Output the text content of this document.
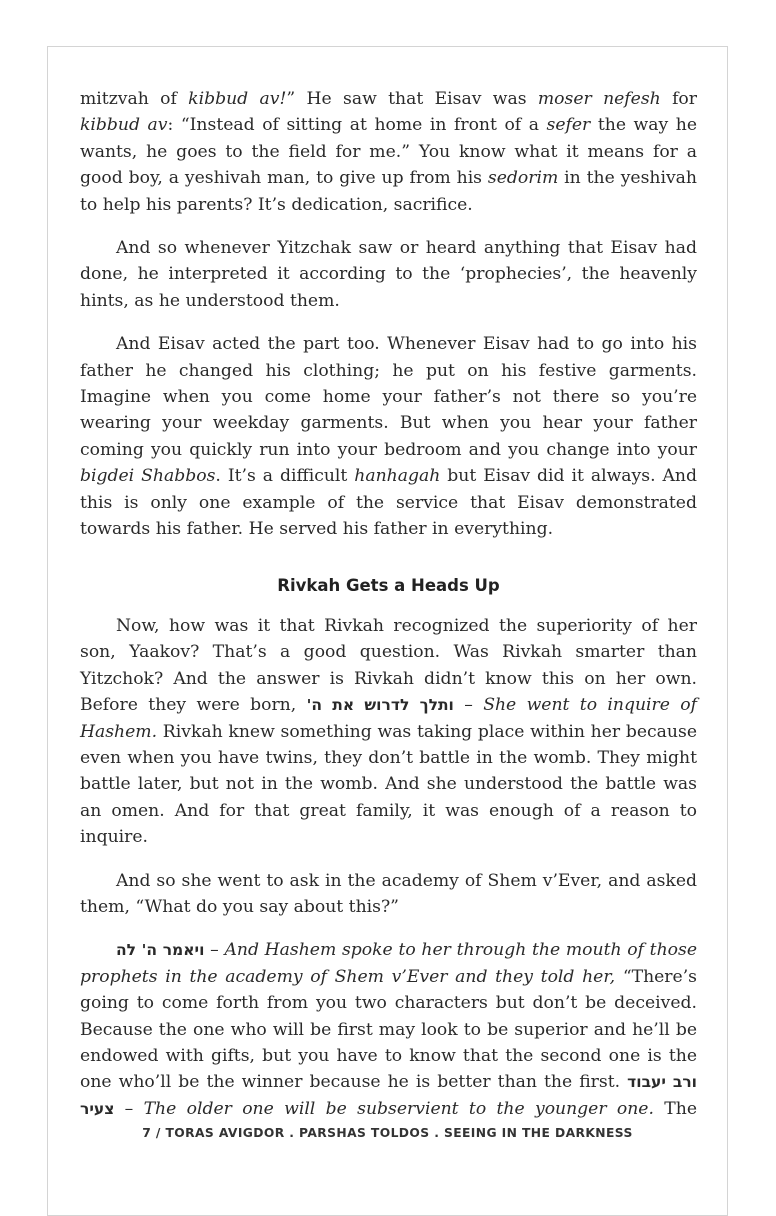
mitzvah of kibbud av!” He saw that Eisav was moser nefesh for kibbud av: “Instead of sitting at home in front of a sefer the way he wants, he goes to the field for me.” You know what it means for a good boy, a yeshivah man, to give up from his sedorim in the yeshivah to help his parents? It’s dedication, sacrifice.

And so whenever Yitzchak saw or heard anything that Eisav had done, he interpreted it according to the ‘prophecies’, the heavenly hints, as he understood them.

And Eisav acted the part too. Whenever Eisav had to go into his father he changed his clothing; he put on his festive garments. Imagine when you come home your father’s not there so you’re wearing your weekday garments. But when you hear your father coming you quickly run into your bedroom and you change into your bigdei Shabbos. It’s a difficult hanhagah but Eisav did it always. And this is only one example of the service that Eisav demonstrated towards his father. He served his father in everything.

Rivkah Gets a Heads Up

Now, how was it that Rivkah recognized the superiority of her son, Yaakov? That’s a good question. Was Rivkah smarter than Yitzchok? And the answer is Rivkah didn’t know this on her own. Before they were born, ותלך לדרוש את ה' – She went to inquire of Hashem. Rivkah knew something was taking place within her because even when you have twins, they don’t battle in the womb. They might battle later, but not in the womb. And she understood the battle was an omen. And for that great family, it was enough of a reason to inquire.

And so she went to ask in the academy of Shem v’Ever, and asked them, “What do you say about this?”

ויאמר ה' לה – And Hashem spoke to her through the mouth of those prophets in the academy of Shem v’Ever and they told her, “There’s going to come forth from you two characters but don’t be deceived. Because the one who will be first may look to be superior and he’ll be endowed with gifts, but you have to know that the second one is the one who’ll be the winner because he is better than the first. ורב יעבוד צעיר – The older one will be subservient to the younger one. The

7 / TORAS AVIGDOR . PARSHAS TOLDOS . SEEING IN THE DARKNESS
